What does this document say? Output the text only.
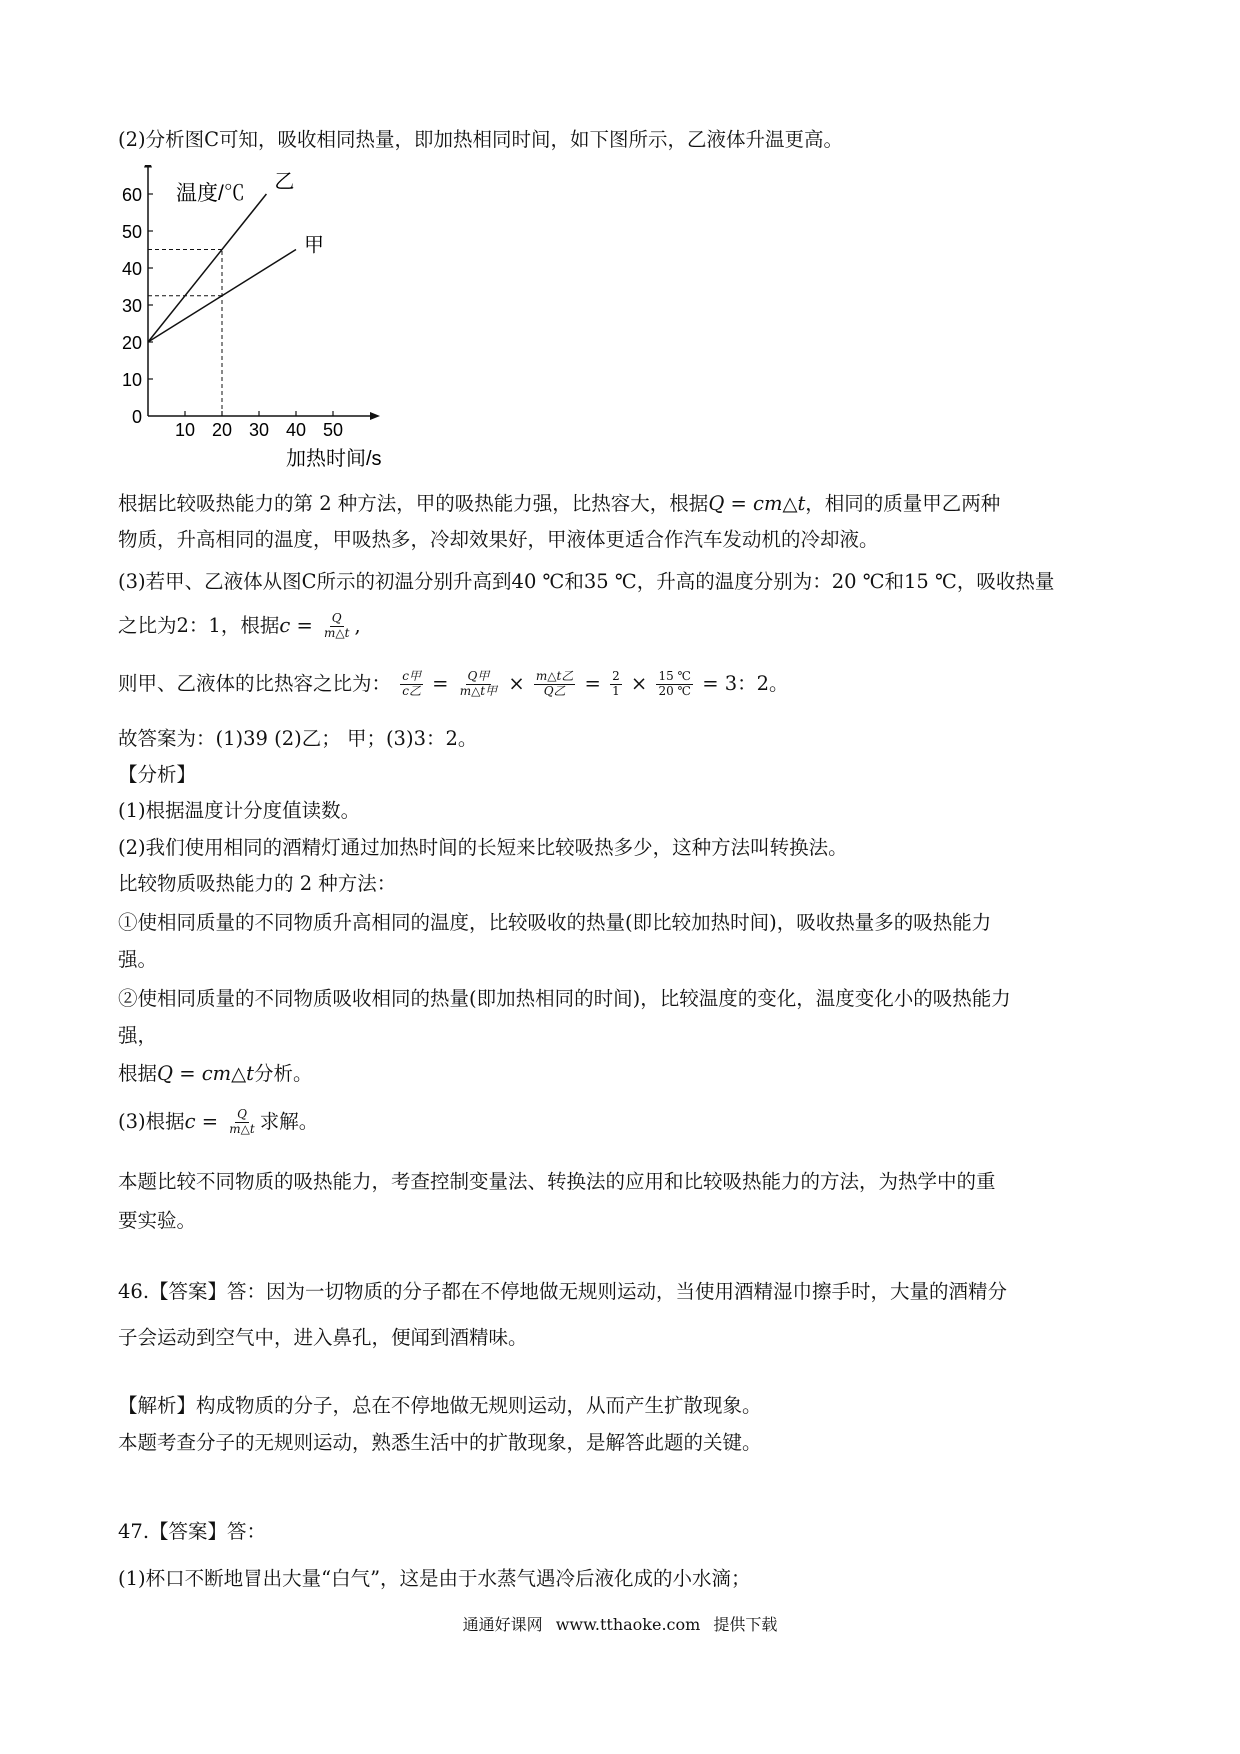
(2)分析图C可知，吸收相同热量，即加热相同时间，如下图所示，乙液体升温更高。
0
10
20
30
40
50
60
10 20 30 40 50
乙
甲
温度/℃
加热时间/s
根据比较吸热能力的第 2 种方法，甲的吸热能力强，比热容大，根据Q = cm△t，相同的质量甲乙两种
物质，升高相同的温度，甲吸热多，冷却效果好，甲液体更适合作汽车发动机的冷却液。
(3)若甲、乙液体从图C所示的初温分别升高到40 ℃和35 ℃，升高的温度分别为：20 ℃和15 ℃，吸收热量
之比为2：1，根据$c = \frac{Q}{m\triangle t}$ ,
则甲、乙液体的比热容之比为： $\frac{\text{c甲}}{\text{c乙}} = \frac{\text{Q甲}}{\text{m△t甲}} \times \frac{\text{m△t乙}}{\text{Q乙}} = \frac{2}{1} \times \frac{15 ℃}{20 ℃} = 3$：2。
故答案为：(1)39 (2)乙； 甲；(3)3：2。
【分析】
(1)根据温度计分度值读数。
(2)我们使用相同的酒精灯通过加热时间的长短来比较吸热多少，这种方法叫转换法。
比较物质吸热能力的 2 种方法：
①使相同质量的不同物质升高相同的温度，比较吸收的热量(即比较加热时间)，吸收热量多的吸热能力
强。
②使相同质量的不同物质吸收相同的热量(即加热相同的时间)，比较温度的变化，温度变化小的吸热能力
强，
根据Q = cm△t分析。
(3)根据$c = \frac{Q}{m\triangle t}$ 求解。
本题比较不同物质的吸热能力，考查控制变量法、转换法的应用和比较吸热能力的方法，为热学中的重
要实验。
46.【答案】答：因为一切物质的分子都在不停地做无规则运动，当使用酒精湿巾擦手时，大量的酒精分
子会运动到空气中，进入鼻孔，便闻到酒精味。
【解析】构成物质的分子，总在不停地做无规则运动，从而产生扩散现象。
本题考查分子的无规则运动，熟悉生活中的扩散现象，是解答此题的关键。
47.【答案】答：
(1)杯口不断地冒出大量“白气”，这是由于水蒸气遇冷后液化成的小水滴；
通通好课网 www.tthaoke.com 提供下载
